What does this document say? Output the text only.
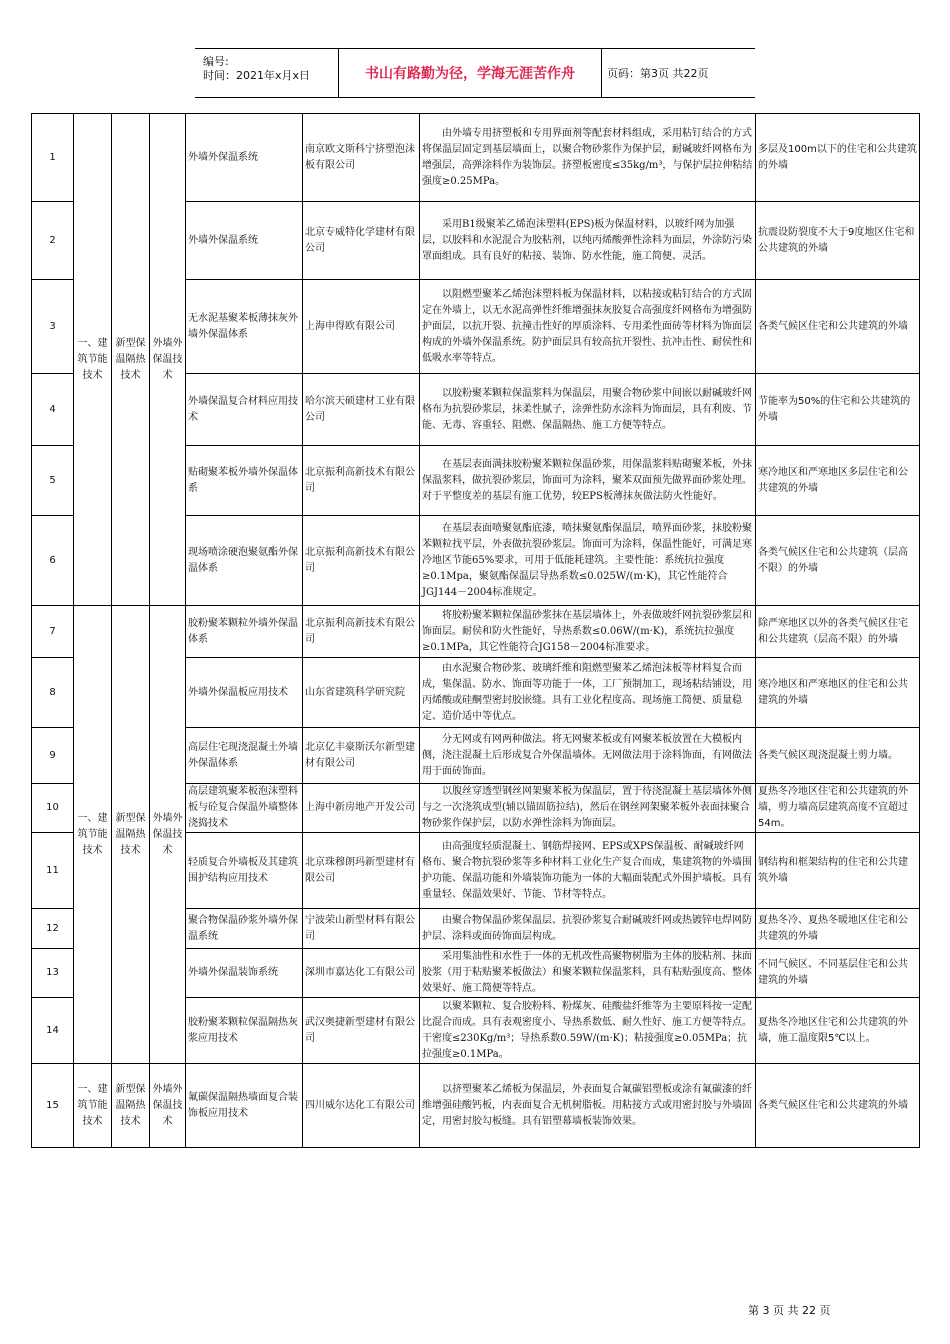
编号:
时间：2021年x月x日	书山有路勤为径，学海无涯苦作舟	页码：第3页 共22页
1	一、建筑节能技术	新型保温隔热技术	外墙外保温技术	外墙外保温系统	南京欧文斯科宁挤塑泡沫板有限公司	由外墙专用挤塑板和专用界面剂等配套材料组成，采用粘钉结合的方式将保温层固定到基层墙面上，以聚合物砂浆作为保护层，耐碱玻纤网格布为增强层，高弹涂料作为装饰层。挤塑板密度≤35kg/m³，与保护层拉伸粘结强度≥0.25MPa。	多层及100m以下的住宅和公共建筑的外墙
2				外墙外保温系统	北京专威特化学建材有限公司	采用B1级聚苯乙烯泡沫塑料(EPS)板为保温材料，以玻纤网为加强层，以胶料和水泥混合为胶粘剂，以纯丙烯酸弹性涂料为面层，外涂防污染罩面组成。具有良好的粘接、装饰、防水性能，施工简便、灵活。	抗震设防裂度不大于9度地区住宅和公共建筑的外墙
3				无水泥基聚苯板薄抹灰外墙外保温体系	上海申得欧有限公司	以阻燃型聚苯乙烯泡沫塑料板为保温材料，以粘接或粘钉结合的方式固定在外墙上，以无水泥高弹性纤维增强抹灰胶复合高强度纤网格布为增强防护面层，以抗开裂、抗撞击性好的厚质涂料、专用柔性面砖等材料为饰面层构成的外墙外保温系统。防护面层具有较高抗开裂性、抗冲击性、耐侯性和低吸水率等特点。	各类气候区住宅和公共建筑的外墙
4				外墙保温复合材料应用技术	哈尔滨天硕建材工业有限公司	以胶粉聚苯颗粒保温浆料为保温层，用聚合物砂浆中间嵌以耐碱玻纤网格布为抗裂砂浆层，抹柔性腻子，涂弹性防水涂料为饰面层，具有利废、节能、无毒、容重轻、阻燃、保温隔热、施工方便等特点。	节能率为50%的住宅和公共建筑的外墙
5				贴砌聚苯板外墙外保温体系	北京振利高新技术有限公司	在基层表面满抹胶粉聚苯颗粒保温砂浆，用保温浆料贴砌聚苯板，外抹保温浆料，做抗裂砂浆层，饰面可为涂料，聚苯双面预先做界面砂浆处理。对于平整度差的基层有施工优势，较EPS板薄抹灰做法防火性能好。	寒冷地区和严寒地区多层住宅和公共建筑的外墙
6				现场喷涂硬泡聚氨酯外保温体系	北京振利高新技术有限公司	在基层表面喷聚氨酯底漆，喷抹聚氨酯保温层，喷界面砂浆，抹胶粉聚苯颗粒找平层，外表做抗裂砂浆层。饰面可为涂料，保温性能好，可满足寒冷地区节能65%要求，可用于低能耗建筑。主要性能：系统抗拉强度≥0.1Mpa，聚氨酯保温层导热系数≤0.025W/(m·K)，其它性能符合JGJ144－2004标准规定。	各类气候区住宅和公共建筑（层高不限）的外墙
7	一、建筑节能技术	新型保温隔热技术	外墙外保温技术	胶粉聚苯颗粒外墙外保温体系	北京振利高新技术有限公司	将胶粉聚苯颗粒保温砂浆抹在基层墙体上，外表做玻纤网抗裂砂浆层和饰面层。耐侯和防火性能好，导热系数≤0.06W/(m·K)，系统抗拉强度≥0.1MPa，其它性能符合JG158－2004标准要求。	除严寒地区以外的各类气候区住宅和公共建筑（层高不限）的外墙
8				外墙外保温板应用技术	山东省建筑科学研究院	由水泥聚合物砂浆、玻璃纤维和阻燃型聚苯乙烯泡沫板等材料复合而成，集保温、防水、饰面等功能于一体，工厂预制加工，现场粘结铺设，用丙烯酸或硅酮型密封胶嵌缝。具有工业化程度高、现场施工简便、质量稳定、造价适中等优点。	寒冷地区和严寒地区的住宅和公共建筑的外墙
9				高层住宅现浇混凝土外墙外保温体系	北京亿丰豪斯沃尔新型建材有限公司	分无网或有网两种做法。将无网聚苯板或有网聚苯板放置在大模板内侧，浇注混凝土后形成复合外保温墙体。无网做法用于涂料饰面，有网做法用于面砖饰面。	各类气候区现浇混凝土剪力墙。
10				高层建筑聚苯板泡沫塑料板与砼复合保温外墙整体浇捣技术	上海中新房地产开发公司	以腹丝穿透型钢丝网架聚苯板为保温层，置于待浇混凝土基层墙体外侧与之一次浇筑成型(辅以锚固筋拉结)，然后在钢丝网架聚苯板外表面抹聚合物砂浆作保护层，以防水弹性涂料为饰面层。	夏热冬冷地区住宅和公共建筑的外墙，剪力墙高层建筑高度不宜超过54m。
11				轻质复合外墙板及其建筑围护结构应用技术	北京珠穆朗玛新型建材有限公司	由高强度轻质混凝土、钢筋焊接网、EPS或XPS保温板、耐碱玻纤网格布、聚合物抗裂砂浆等多种材料工业化生产复合而成，集建筑物的外墙围护功能、保温功能和外墙装饰功能为一体的大幅面装配式外围护墙板。具有重量轻、保温效果好、节能、节材等特点。	钢结构和框架结构的住宅和公共建筑外墙
12				聚合物保温砂浆外墙外保温系统	宁波荣山新型材料有限公司	由聚合物保温砂浆保温层、抗裂砂浆复合耐碱玻纤网或热镀锌电焊网防护层、涂料或面砖饰面层构成。	夏热冬冷、夏热冬暖地区住宅和公共建筑的外墙
13				外墙外保温装饰系统	深圳市嘉达化工有限公司	采用集油性和水性于一体的无机改性高聚物树脂为主体的胶粘剂、抹面胶浆（用于粘贴聚苯板做法）和聚苯颗粒保温浆料，具有粘贴强度高、整体效果好、施工简便等特点。	不同气候区、不同基层住宅和公共建筑的外墙
14				胶粉聚苯颗粒保温隔热灰浆应用技术	武汉奥捷新型建材有限公司	以聚苯颗粒、复合胶粉料、粉煤灰、硅酸盐纤维等为主要原料按一定配比混合而成。具有表观密度小、导热系数低、耐久性好、施工方便等特点。干密度≤230Kg/m³；导热系数0.59W/(m·K)；粘接强度≥0.05MPa；抗拉强度≥0.1MPa。	夏热冬冷地区住宅和公共建筑的外墙，施工温度限5℃以上。
15	一、建筑节能技术	新型保温隔热技术	外墙外保温技术	氟碳保温隔热墙面复合装饰板应用技术	四川威尔达化工有限公司	以挤塑聚苯乙烯板为保温层，外表面复合氟碳铝塑板或涂有氟碳漆的纤维增强硅酸钙板，内表面复合无机树脂板。用粘接方式或用密封胶与外墙固定，用密封胶勾板缝。具有铝塑幕墙板装饰效果。	各类气候区住宅和公共建筑的外墙
第 3 页 共 22 页
